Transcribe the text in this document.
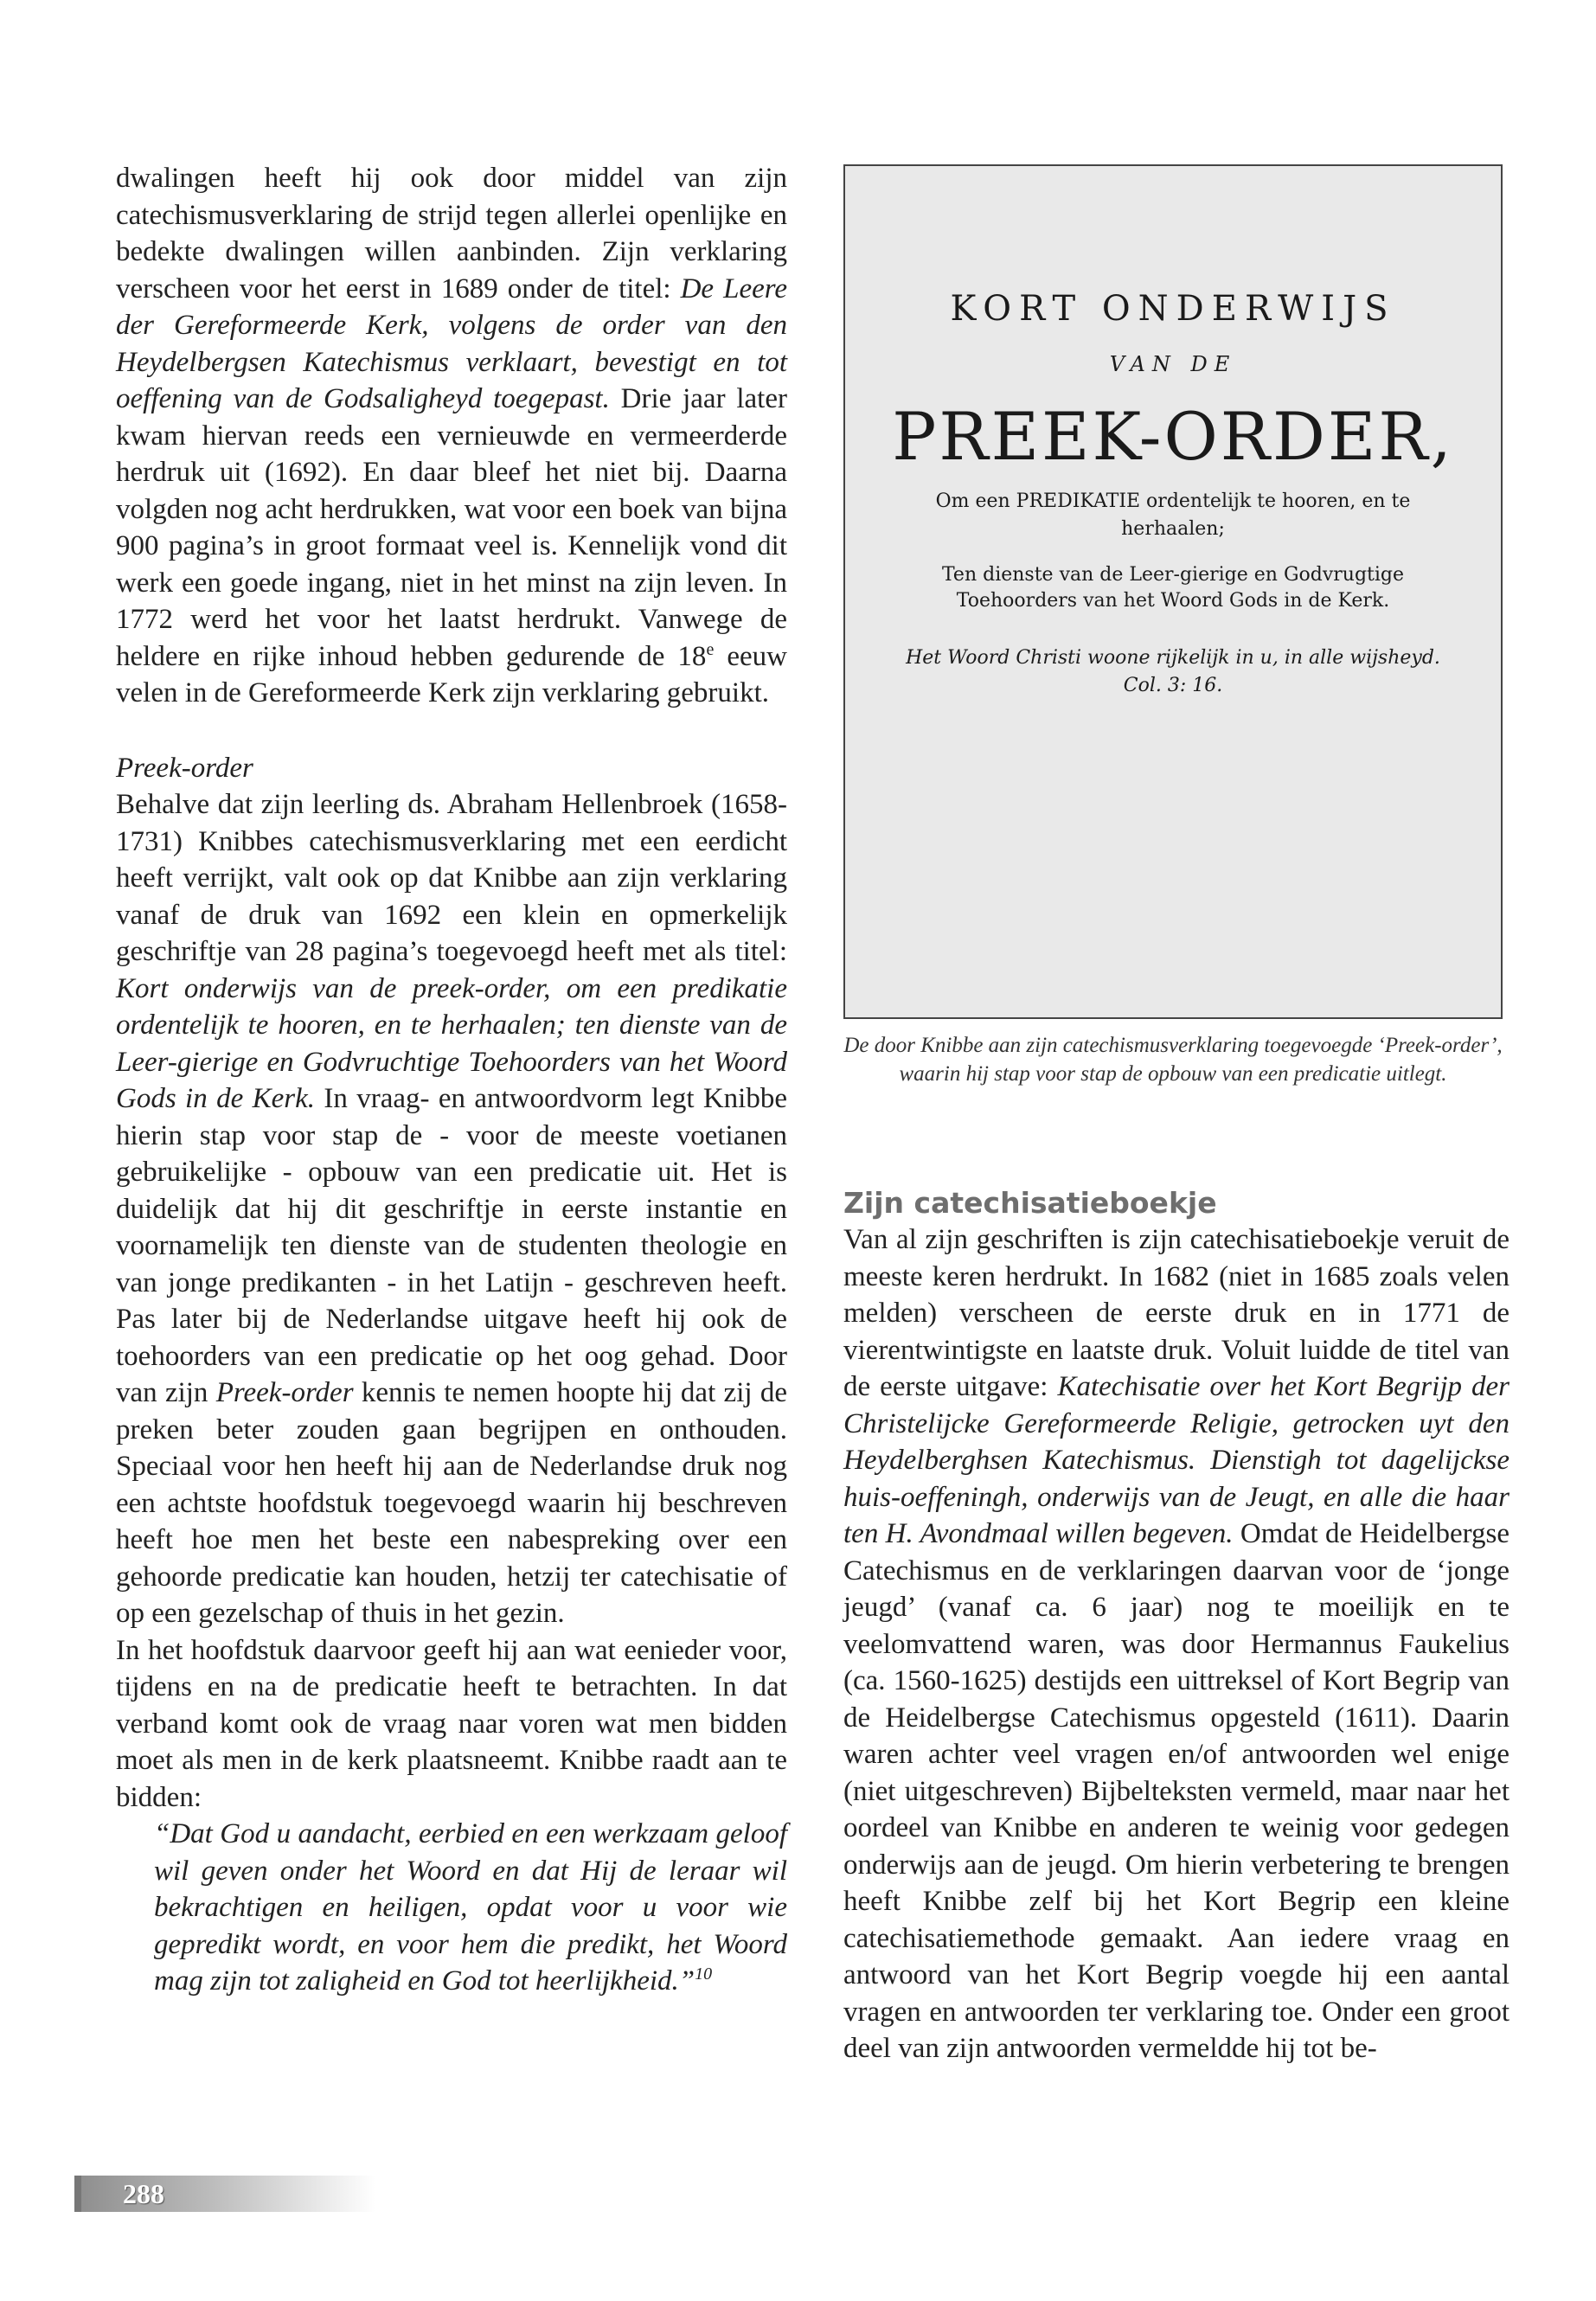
dwalingen heeft hij ook door middel van zijn catechismusverklaring de strijd tegen allerlei openlijke en bedekte dwalingen willen aanbinden. Zijn verklaring verscheen voor het eerst in 1689 onder de titel: De Leere der Gereformeerde Kerk, volgens de order van den Heydelbergsen Katechismus verklaart, bevestigt en tot oeffening van de Godsaligheyd toegepast. Drie jaar later kwam hiervan reeds een vernieuwde en vermeerderde herdruk uit (1692). En daar bleef het niet bij. Daarna volgden nog acht herdrukken, wat voor een boek van bijna 900 pagina’s in groot formaat veel is. Kennelijk vond dit werk een goede ingang, niet in het minst na zijn leven. In 1772 werd het voor het laatst herdrukt. Vanwege de heldere en rijke inhoud hebben gedurende de 18e eeuw velen in de Gereformeerde Kerk zijn verklaring gebruikt.

Preek-order

Behalve dat zijn leerling ds. Abraham Hellenbroek (1658-1731) Knibbes catechismusverklaring met een eerdicht heeft verrijkt, valt ook op dat Knibbe aan zijn verklaring vanaf de druk van 1692 een klein en opmerkelijk geschriftje van 28 pagina’s toegevoegd heeft met als titel: Kort onderwijs van de preek-order, om een predikatie ordentelijk te hooren, en te herhaalen; ten dienste van de Leer-gierige en Godvruchtige Toehoorders van het Woord Gods in de Kerk. In vraag- en antwoordvorm legt Knibbe hierin stap voor stap de - voor de meeste voetianen gebruikelijke - opbouw van een predicatie uit. Het is duidelijk dat hij dit geschriftje in eerste instantie en voornamelijk ten dienste van de studenten theologie en van jonge predikanten - in het Latijn - geschreven heeft. Pas later bij de Nederlandse uitgave heeft hij ook de toehoorders van een predicatie op het oog gehad. Door van zijn Preek-order kennis te nemen hoopte hij dat zij de preken beter zouden gaan begrijpen en onthouden. Speciaal voor hen heeft hij aan de Nederlandse druk nog een achtste hoofdstuk toegevoegd waarin hij beschreven heeft hoe men het beste een nabespreking over een gehoorde predicatie kan houden, hetzij ter catechisatie of op een gezelschap of thuis in het gezin.

In het hoofdstuk daarvoor geeft hij aan wat eenieder voor, tijdens en na de predicatie heeft te betrachten. In dat verband komt ook de vraag naar voren wat men bidden moet als men in de kerk plaatsneemt. Knibbe raadt aan te bidden:

“Dat God u aandacht, eerbied en een werkzaam geloof wil geven onder het Woord en dat Hij de leraar wil bekrachtigen en heiligen, opdat voor u voor wie gepredikt wordt, en voor hem die predikt, het Woord mag zijn tot zaligheid en God tot heerlijkheid.”$^{10}$

KORT ONDERWIJS
VAN DE
PREEK-ORDER,
Om een PREDIKATIE ordentelijk te hooren, en te herhaalen;
Ten dienste van de Leer-gierige en Godvrugtige Toehoorders van het Woord Gods in de Kerk.
Het Woord Christi woone rijkelijk in u, in alle wijsheyd. Col. 3: 16.
De door Knibbe aan zijn catechismusverklaring toegevoegde ‘Preek-order’, waarin hij stap voor stap de opbouw van een predicatie uitlegt.

Zijn catechisatieboekje

Van al zijn geschriften is zijn catechisatieboekje veruit de meeste keren herdrukt. In 1682 (niet in 1685 zoals velen melden) verscheen de eerste druk en in 1771 de vierentwintigste en laatste druk. Voluit luidde de titel van de eerste uitgave: Katechisatie over het Kort Begrijp der Christelijcke Gereformeerde Religie, getrocken uyt den Heydelberghsen Katechismus. Dienstigh tot dagelijckse huis-oeffeningh, onderwijs van de Jeugt, en alle die haar ten H. Avondmaal willen begeven. Omdat de Heidelbergse Catechismus en de verklaringen daarvan voor de ‘jonge jeugd’ (vanaf ca. 6 jaar) nog te moeilijk en te veelomvattend waren, was door Hermannus Faukelius (ca. 1560-1625) destijds een uittreksel of Kort Begrip van de Heidelbergse Catechismus opgesteld (1611). Daarin waren achter veel vragen en/of antwoorden wel enige (niet uitgeschreven) Bijbelteksten vermeld, maar naar het oordeel van Knibbe en anderen te weinig voor gedegen onderwijs aan de jeugd. Om hierin verbetering te brengen heeft Knibbe zelf bij het Kort Begrip een kleine catechisatiemethode gemaakt. Aan iedere vraag en antwoord van het Kort Begrip voegde hij een aantal vragen en antwoorden ter verklaring toe. Onder een groot deel van zijn antwoorden vermeldde hij tot be-

288
